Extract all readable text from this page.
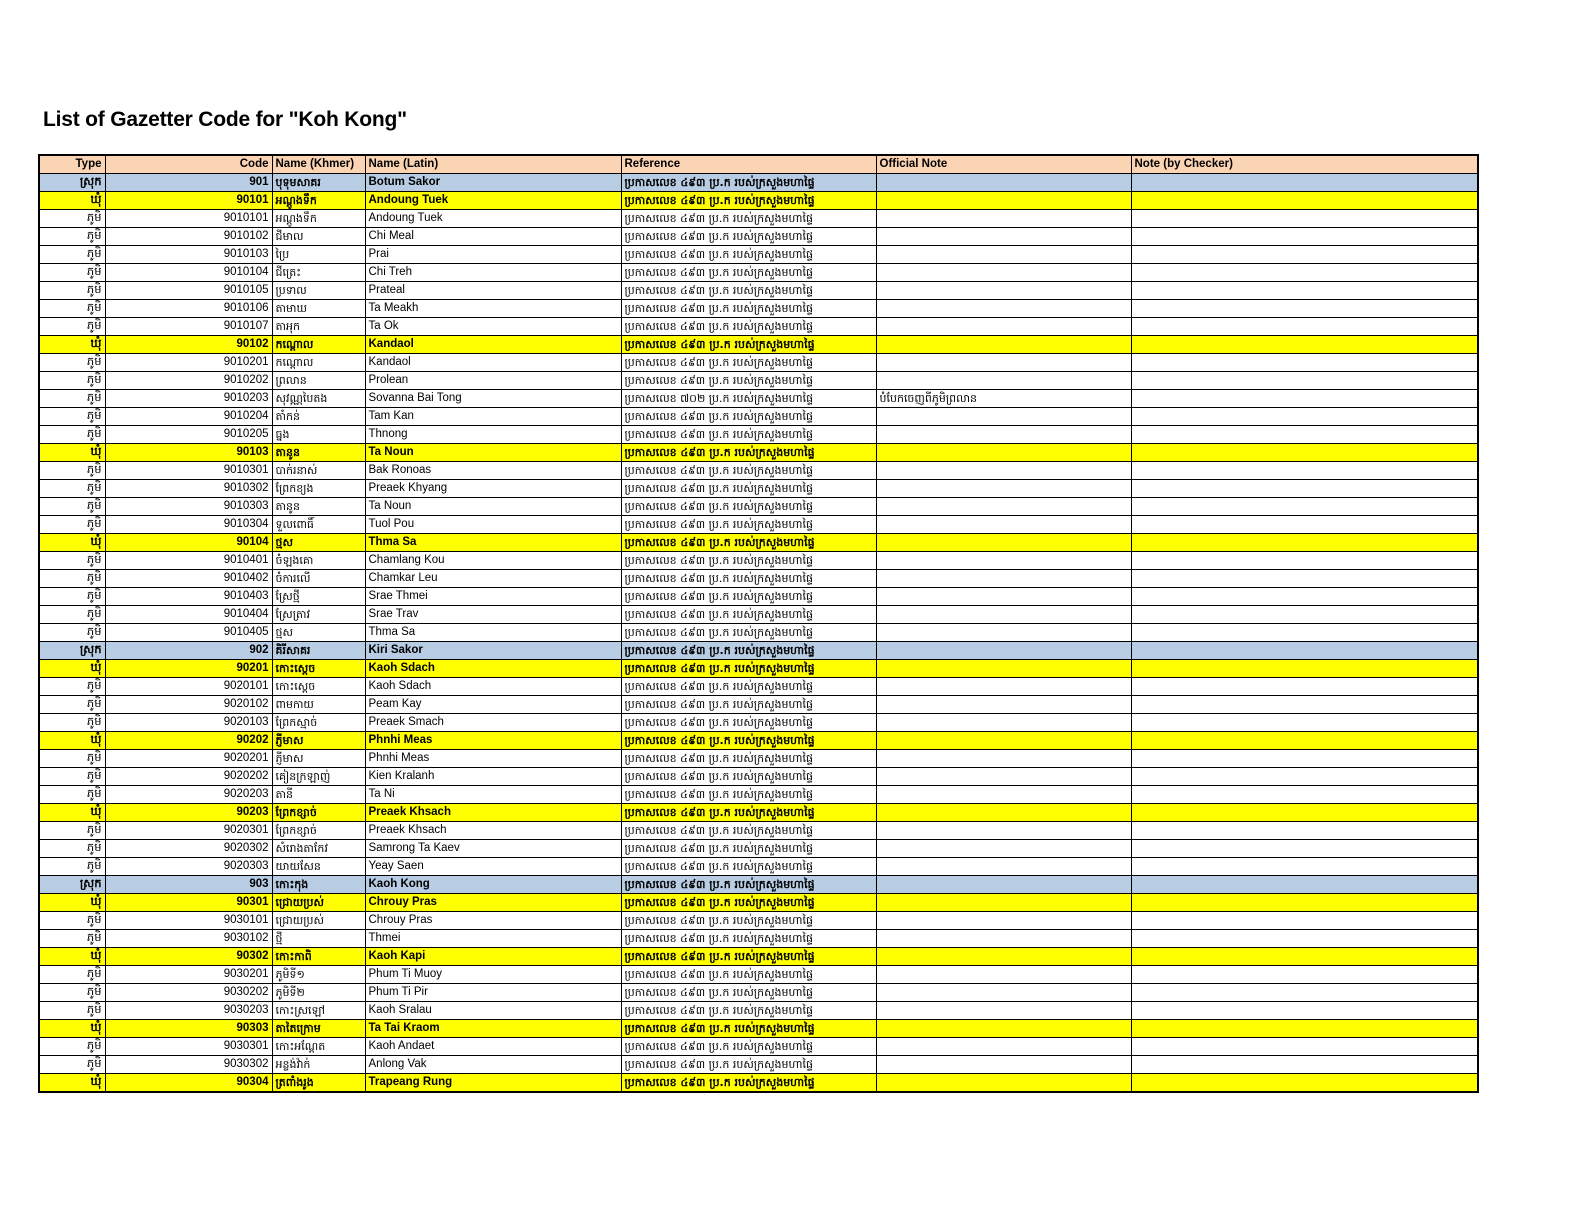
List of Gazetter Code for "Koh Kong"
Type	Code	Name (Khmer)	Name (Latin)	Reference	Official Note	Note (by Checker)
ស្រុក	901	បុទុមសាគរ	Botum Sakor	ប្រកាសលេខ ៤៩៣ ប្រ.ក របស់ក្រសួងមហាផ្ទៃ		
ឃុំ	90101	អណ្តូងទឹក	Andoung Tuek	ប្រកាសលេខ ៤៩៣ ប្រ.ក របស់ក្រសួងមហាផ្ទៃ		
ភូមិ	9010101	អណ្តូងទឹក	Andoung Tuek	ប្រកាសលេខ ៤៩៣ ប្រ.ក របស់ក្រសួងមហាផ្ទៃ		
ភូមិ	9010102	ជីមាល	Chi Meal	ប្រកាសលេខ ៤៩៣ ប្រ.ក របស់ក្រសួងមហាផ្ទៃ		
ភូមិ	9010103	ប្រៃ	Prai	ប្រកាសលេខ ៤៩៣ ប្រ.ក របស់ក្រសួងមហាផ្ទៃ		
ភូមិ	9010104	ជីត្រេះ	Chi Treh	ប្រកាសលេខ ៤៩៣ ប្រ.ក របស់ក្រសួងមហាផ្ទៃ		
ភូមិ	9010105	ប្រទាល	Prateal	ប្រកាសលេខ ៤៩៣ ប្រ.ក របស់ក្រសួងមហាផ្ទៃ		
ភូមិ	9010106	តាមាឃ	Ta Meakh	ប្រកាសលេខ ៤៩៣ ប្រ.ក របស់ក្រសួងមហាផ្ទៃ		
ភូមិ	9010107	តាអុក	Ta Ok	ប្រកាសលេខ ៤៩៣ ប្រ.ក របស់ក្រសួងមហាផ្ទៃ		
ឃុំ	90102	កណ្តោល	Kandaol	ប្រកាសលេខ ៤៩៣ ប្រ.ក របស់ក្រសួងមហាផ្ទៃ		
ភូមិ	9010201	កណ្តោល	Kandaol	ប្រកាសលេខ ៤៩៣ ប្រ.ក របស់ក្រសួងមហាផ្ទៃ		
ភូមិ	9010202	ព្រលាន	Prolean	ប្រកាសលេខ ៤៩៣ ប្រ.ក របស់ក្រសួងមហាផ្ទៃ		
ភូមិ	9010203	សុវណ្ណបៃតង	Sovanna Bai Tong	ប្រកាសលេខ ៧០២ ប្រ.ក របស់ក្រសួងមហាផ្ទៃ	បំបែកចេញពីភូមិព្រលាន	
ភូមិ	9010204	តាំកន់	Tam Kan	ប្រកាសលេខ ៤៩៣ ប្រ.ក របស់ក្រសួងមហាផ្ទៃ		
ភូមិ	9010205	ធ្នង	Thnong	ប្រកាសលេខ ៤៩៣ ប្រ.ក របស់ក្រសួងមហាផ្ទៃ		
ឃុំ	90103	តានូន	Ta Noun	ប្រកាសលេខ ៤៩៣ ប្រ.ក របស់ក្រសួងមហាផ្ទៃ		
ភូមិ	9010301	បាក់រនាស់	Bak Ronoas	ប្រកាសលេខ ៤៩៣ ប្រ.ក របស់ក្រសួងមហាផ្ទៃ		
ភូមិ	9010302	ព្រែកខ្យង	Preaek Khyang	ប្រកាសលេខ ៤៩៣ ប្រ.ក របស់ក្រសួងមហាផ្ទៃ		
ភូមិ	9010303	តានូន	Ta Noun	ប្រកាសលេខ ៤៩៣ ប្រ.ក របស់ក្រសួងមហាផ្ទៃ		
ភូមិ	9010304	ទួលពោធិ៍	Tuol Pou	ប្រកាសលេខ ៤៩៣ ប្រ.ក របស់ក្រសួងមហាផ្ទៃ		
ឃុំ	90104	ថ្មស	Thma Sa	ប្រកាសលេខ ៤៩៣ ប្រ.ក របស់ក្រសួងមហាផ្ទៃ		
ភូមិ	9010401	ចំឡងគោ	Chamlang Kou	ប្រកាសលេខ ៤៩៣ ប្រ.ក របស់ក្រសួងមហាផ្ទៃ		
ភូមិ	9010402	ចំការលើ	Chamkar Leu	ប្រកាសលេខ ៤៩៣ ប្រ.ក របស់ក្រសួងមហាផ្ទៃ		
ភូមិ	9010403	ស្រែថ្មី	Srae Thmei	ប្រកាសលេខ ៤៩៣ ប្រ.ក របស់ក្រសួងមហាផ្ទៃ		
ភូមិ	9010404	ស្រែត្រាវ	Srae Trav	ប្រកាសលេខ ៤៩៣ ប្រ.ក របស់ក្រសួងមហាផ្ទៃ		
ភូមិ	9010405	ថ្មស	Thma Sa	ប្រកាសលេខ ៤៩៣ ប្រ.ក របស់ក្រសួងមហាផ្ទៃ		
ស្រុក	902	គិរីសាគរ	Kiri Sakor	ប្រកាសលេខ ៤៩៣ ប្រ.ក របស់ក្រសួងមហាផ្ទៃ		
ឃុំ	90201	កោះស្តេច	Kaoh Sdach	ប្រកាសលេខ ៤៩៣ ប្រ.ក របស់ក្រសួងមហាផ្ទៃ		
ភូមិ	9020101	កោះស្តេច	Kaoh Sdach	ប្រកាសលេខ ៤៩៣ ប្រ.ក របស់ក្រសួងមហាផ្ទៃ		
ភូមិ	9020102	ពាមកាយ	Peam Kay	ប្រកាសលេខ ៤៩៣ ប្រ.ក របស់ក្រសួងមហាផ្ទៃ		
ភូមិ	9020103	ព្រែកស្មាច់	Preaek Smach	ប្រកាសលេខ ៤៩៣ ប្រ.ក របស់ក្រសួងមហាផ្ទៃ		
ឃុំ	90202	ភ្ញីមាស	Phnhi Meas	ប្រកាសលេខ ៤៩៣ ប្រ.ក របស់ក្រសួងមហាផ្ទៃ		
ភូមិ	9020201	ភ្ញីមាស	Phnhi Meas	ប្រកាសលេខ ៤៩៣ ប្រ.ក របស់ក្រសួងមហាផ្ទៃ		
ភូមិ	9020202	គៀនក្រឡាញ់	Kien Kralanh	ប្រកាសលេខ ៤៩៣ ប្រ.ក របស់ក្រសួងមហាផ្ទៃ		
ភូមិ	9020203	តានី	Ta Ni	ប្រកាសលេខ ៤៩៣ ប្រ.ក របស់ក្រសួងមហាផ្ទៃ		
ឃុំ	90203	ព្រែកខ្សាច់	Preaek Khsach	ប្រកាសលេខ ៤៩៣ ប្រ.ក របស់ក្រសួងមហាផ្ទៃ		
ភូមិ	9020301	ព្រែកខ្សាច់	Preaek Khsach	ប្រកាសលេខ ៤៩៣ ប្រ.ក របស់ក្រសួងមហាផ្ទៃ		
ភូមិ	9020302	សំរោងតាកែវ	Samrong Ta Kaev	ប្រកាសលេខ ៤៩៣ ប្រ.ក របស់ក្រសួងមហាផ្ទៃ		
ភូមិ	9020303	យាយសែន	Yeay Saen	ប្រកាសលេខ ៤៩៣ ប្រ.ក របស់ក្រសួងមហាផ្ទៃ		
ស្រុក	903	កោះកុង	Kaoh Kong	ប្រកាសលេខ ៤៩៣ ប្រ.ក របស់ក្រសួងមហាផ្ទៃ		
ឃុំ	90301	ជ្រោយប្រស់	Chrouy Pras	ប្រកាសលេខ ៤៩៣ ប្រ.ក របស់ក្រសួងមហាផ្ទៃ		
ភូមិ	9030101	ជ្រោយប្រស់	Chrouy Pras	ប្រកាសលេខ ៤៩៣ ប្រ.ក របស់ក្រសួងមហាផ្ទៃ		
ភូមិ	9030102	ថ្មី	Thmei	ប្រកាសលេខ ៤៩៣ ប្រ.ក របស់ក្រសួងមហាផ្ទៃ		
ឃុំ	90302	កោះកាពិ	Kaoh Kapi	ប្រកាសលេខ ៤៩៣ ប្រ.ក របស់ក្រសួងមហាផ្ទៃ		
ភូមិ	9030201	ភូមិទី១	Phum Ti Muoy	ប្រកាសលេខ ៤៩៣ ប្រ.ក របស់ក្រសួងមហាផ្ទៃ		
ភូមិ	9030202	ភូមិទី២	Phum Ti Pir	ប្រកាសលេខ ៤៩៣ ប្រ.ក របស់ក្រសួងមហាផ្ទៃ		
ភូមិ	9030203	កោះស្រឡៅ	Kaoh Sralau	ប្រកាសលេខ ៤៩៣ ប្រ.ក របស់ក្រសួងមហាផ្ទៃ		
ឃុំ	90303	តាតៃក្រោម	Ta Tai Kraom	ប្រកាសលេខ ៤៩៣ ប្រ.ក របស់ក្រសួងមហាផ្ទៃ		
ភូមិ	9030301	កោះអណ្តែត	Kaoh Andaet	ប្រកាសលេខ ៤៩៣ ប្រ.ក របស់ក្រសួងមហាផ្ទៃ		
ភូមិ	9030302	អន្លង់វ៉ាក់	Anlong Vak	ប្រកាសលេខ ៤៩៣ ប្រ.ក របស់ក្រសួងមហាផ្ទៃ		
ឃុំ	90304	ត្រពាំងរូង	Trapeang Rung	ប្រកាសលេខ ៤៩៣ ប្រ.ក របស់ក្រសួងមហាផ្ទៃ		
